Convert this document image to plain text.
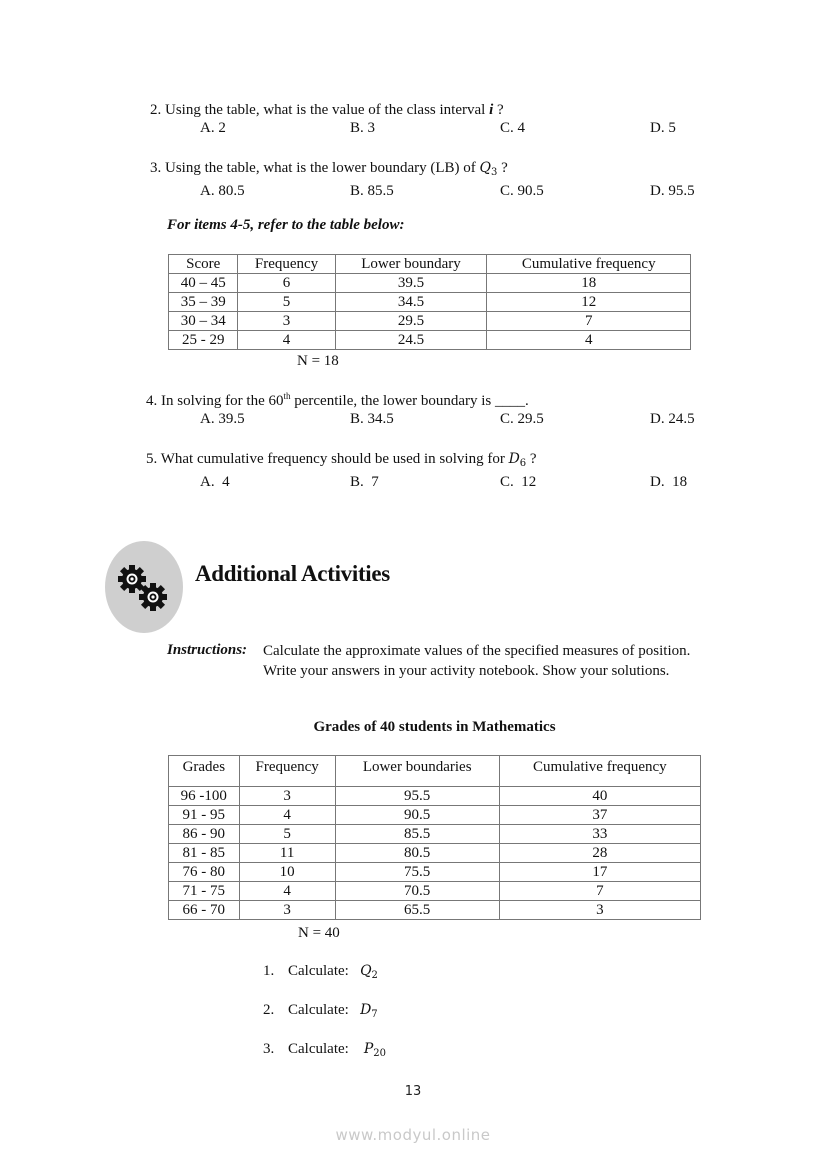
2. Using the table, what is the value of the class interval i ?
A. 2	B. 3	C. 4	D. 5
3. Using the table, what is the lower boundary (LB) of $Q_3$ ?
A. 80.5	B. 85.5	C. 90.5	D. 95.5
For items 4-5, refer to the table below:
Score	Frequency	Lower boundary	Cumulative frequency
40 – 45	6	39.5	18
35 – 39	5	34.5	12
30 – 34	3	29.5	7
25 - 29	4	24.5	4
N = 18
4. In solving for the 60th percentile, the lower boundary is ____.
A. 39.5	B. 34.5	C. 29.5	D. 24.5
5. What cumulative frequency should be used in solving for $D_6$ ?
A.  4	B.  7	C.  12	D.  18
Additional Activities
Instructions: Calculate the approximate values of the specified measures of position. Write your answers in your activity notebook. Show your solutions.
Grades of 40 students in Mathematics
Grades	Frequency	Lower boundaries	Cumulative frequency
96 -100	3	95.5	40
91 - 95	4	90.5	37
86 - 90	5	85.5	33
81 - 85	11	80.5	28
76 - 80	10	75.5	17
71 - 75	4	70.5	7
66 - 70	3	65.5	3
N = 40
1. Calculate: $Q_2$
2. Calculate: $D_7$
3. Calculate: $P_{20}$
13
www.modyul.online
